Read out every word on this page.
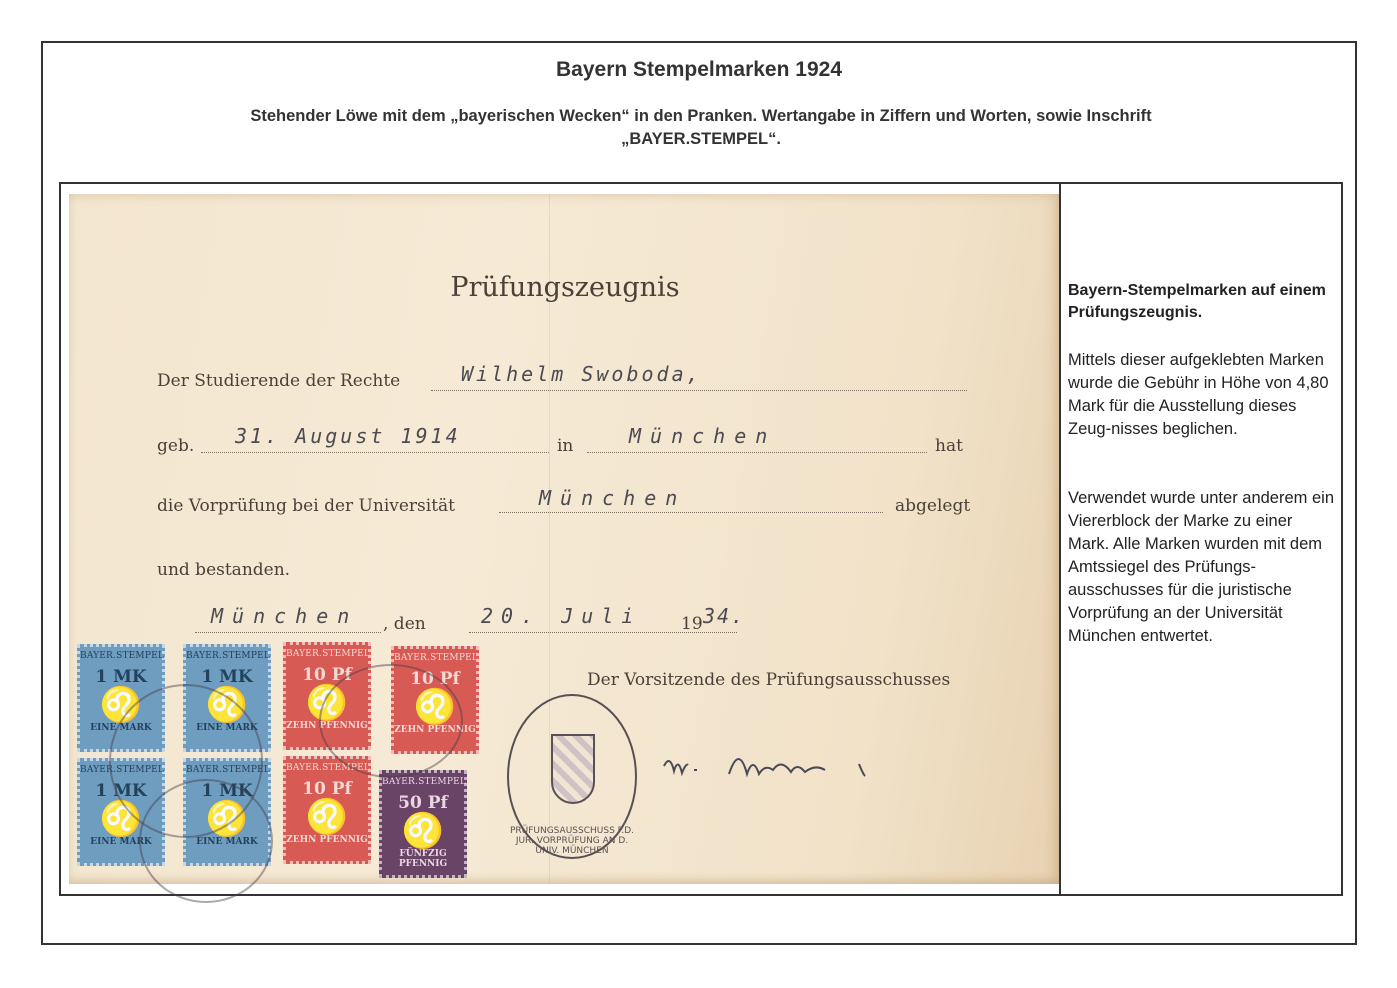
Bayern Stempelmarken 1924
Stehender Löwe mit dem „bayerischen Wecken“ in den Pranken. Wertangabe in Ziffern und Worten, sowie Inschrift
„BAYER.STEMPEL“.
Prüfungszeugnis
Der Studierende der Rechte	Wilhelm Swoboda,
geb. 31. August 1914	in	München	hat
die Vorprüfung bei der Universität	München	abgelegt
und bestanden.
München , den	20. Juli 19 34.
Der Vorsitzende des Prüfungsausschusses
PRÜFUNGSAUSSCHUSS F.D. JUR. VORPRÜFUNG AN D. UNIV. MÜNCHEN
BAYER.STEMPEL
1 MK
♌
EINE MARK
BAYER.STEMPEL
1 MK
♌
EINE MARK
BAYER.STEMPEL
10 Pf
♌
ZEHN PFENNIG
BAYER.STEMPEL
10 Pf
♌
ZEHN PFENNIG
BAYER.STEMPEL
1 MK
♌
EINE MARK
BAYER.STEMPEL
1 MK
♌
EINE MARK
BAYER.STEMPEL
10 Pf
♌
ZEHN PFENNIG
BAYER.STEMPEL
50 Pf
♌
FÜNFZIG PFENNIG
Bayern-Stempelmarken auf einem Prüfungszeugnis.
Mittels dieser aufgeklebten Marken wurde die Gebühr in Höhe von 4,80 Mark für die Ausstellung dieses Zeug-nisses beglichen.
Verwendet wurde unter anderem ein Viererblock der Marke zu einer Mark. Alle Marken wurden mit dem Amtssiegel des Prüfungs-ausschusses für die juristische Vorprüfung an der Universität München entwertet.
